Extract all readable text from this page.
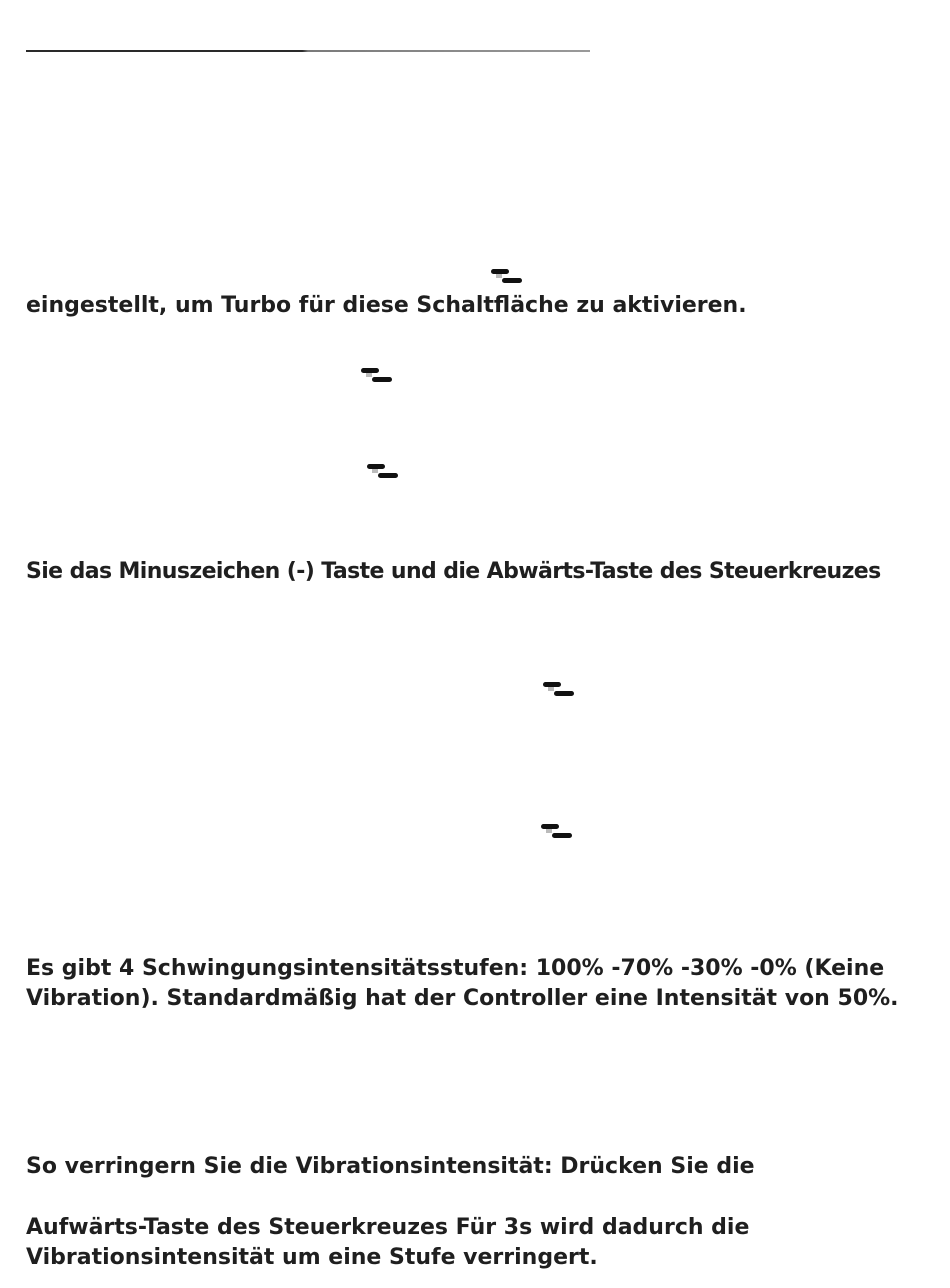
eingestellt, um Turbo für diese Schaltfläche zu aktivieren.

Sie das Minuszeichen (-) Taste und die Abwärts-Taste des Steuerkreuzes

Es gibt 4 Schwingungsintensitätsstufen: 100% -70% -30% -0% (Keine

Vibration). Standardmäßig hat der Controller eine Intensität von 50%.

So verringern Sie die Vibrationsintensität: Drücken Sie die

Aufwärts-Taste des Steuerkreuzes Für 3s wird dadurch die

Vibrationsintensität um eine Stufe verringert.
